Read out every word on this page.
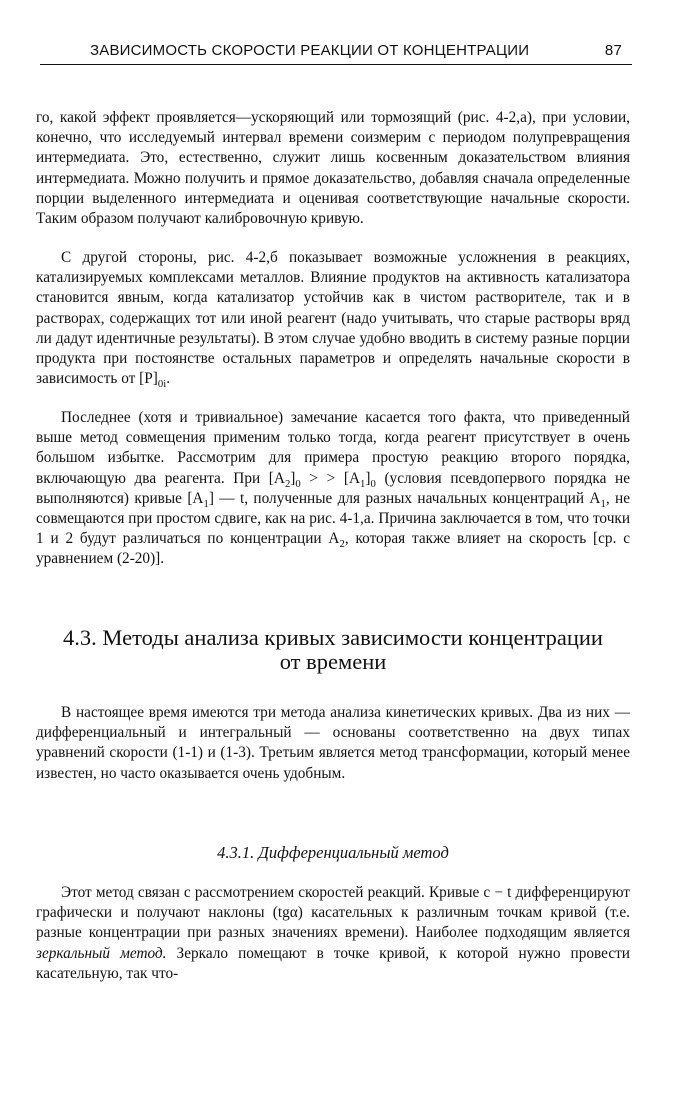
ЗАВИСИМОСТЬ СКОРОСТИ РЕАКЦИИ ОТ КОНЦЕНТРАЦИИ	87

го, какой эффект проявляется—ускоряющий или тормозящий (рис. 4-2,а), при условии, конечно, что исследуемый интервал времени соизмерим с периодом полупревращения интермедиата. Это, естественно, служит лишь косвенным доказательством влияния интермедиата. Можно получить и прямое доказательство, добавляя сначала определенные порции выделенного интермедиата и оценивая соответствующие начальные скорости. Таким образом получают калибровочную кривую.

С другой стороны, рис. 4-2,б показывает возможные усложнения в реакциях, катализируемых комплексами металлов. Влияние продуктов на активность катализатора становится явным, когда катализатор устойчив как в чистом растворителе, так и в растворах, содержащих тот или иной реагент (надо учитывать, что старые растворы вряд ли дадут идентичные результаты). В этом случае удобно вводить в систему разные порции продукта при постоянстве остальных параметров и определять начальные скорости в зависимость от $[P]_{0i}$.

Последнее (хотя и тривиальное) замечание касается того факта, что приведенный выше метод совмещения применим только тогда, когда реагент присутствует в очень большом избытке. Рассмотрим для примера простую реакцию второго порядка, включающую два реагента. При $[A_2]_0$ > > $[A_1]_0$ (условия псевдопервого порядка не выполняются) кривые $[A_1]$ — t, полученные для разных начальных концентраций $A_1$, не совмещаются при простом сдвиге, как на рис. 4-1,а. Причина заключается в том, что точки 1 и 2 будут различаться по концентрации $A_2$, которая также влияет на скорость [ср. с уравнением (2-20)].

4.3. Методы анализа кривых зависимости концентрации
от времени

В настоящее время имеются три метода анализа кинетических кривых. Два из них — дифференциальный и интегральный — основаны соответственно на двух типах уравнений скорости (1-1) и (1-3). Третьим является метод трансформации, который менее известен, но часто оказывается очень удобным.

4.3.1. Дифференциальный метод

Этот метод связан с рассмотрением скоростей реакций. Кривые c − t дифференцируют графически и получают наклоны (tgα) касательных к различным точкам кривой (т.е. разные концентрации при разных значениях времени). Наиболее подходящим является зеркальный метод. Зеркало помещают в точке кривой, к которой нужно провести касательную, так что-
